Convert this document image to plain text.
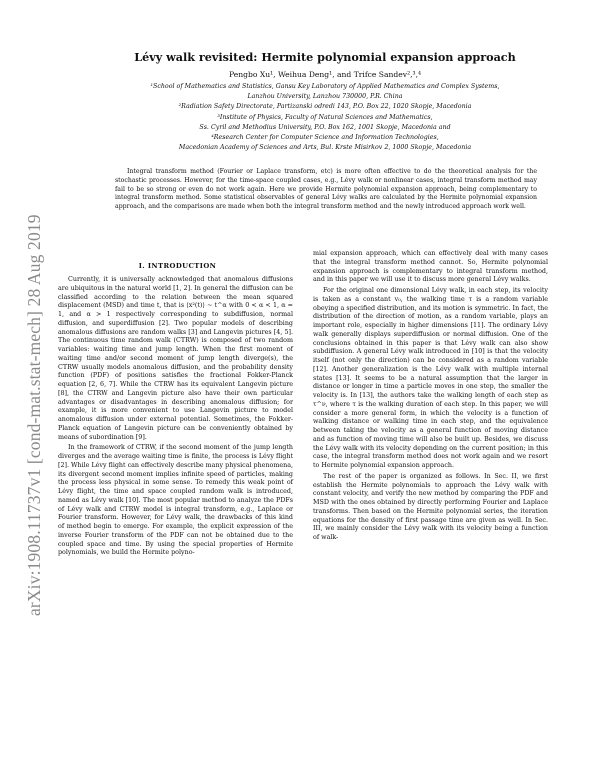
arXiv:1908.11737v1 [cond-mat.stat-mech] 28 Aug 2019
Lévy walk revisited: Hermite polynomial expansion approach
Pengbo Xu¹, Weihua Deng¹, and Trifce Sandev²,³,⁴
¹School of Mathematics and Statistics, Gansu Key Laboratory of Applied Mathematics and Complex Systems,
Lanzhou University, Lanzhou 730000, P.R. China
²Radiation Safety Directorate, Partizanski odredi 143, P.O. Box 22, 1020 Skopje, Macedonia
³Institute of Physics, Faculty of Natural Sciences and Mathematics,
Ss. Cyril and Methodius University, P.O. Box 162, 1001 Skopje, Macedonia and
⁴Research Center for Computer Science and Information Technologies,
Macedonian Academy of Sciences and Arts, Bul. Krste Misirkov 2, 1000 Skopje, Macedonia

Integral transform method (Fourier or Laplace transform, etc) is more often effective to do the theoretical analysis for the stochastic processes. However, for the time-space coupled cases, e.g., Lévy walk or nonlinear cases, integral transform method may fail to be so strong or even do not work again. Here we provide Hermite polynomial expansion approach, being complementary to integral transform method. Some statistical observables of general Lévy walks are calculated by the Hermite polynomial expansion approach, and the comparisons are made when both the integral transform method and the newly introduced approach work well.

I. INTRODUCTION

Currently, it is universally acknowledged that anomalous diffusions are ubiquitous in the natural world [1, 2]. In general the diffusion can be classified according to the relation between the mean squared displacement (MSD) and time t, that is ⟨x²(t)⟩ ∼ t^α with 0 < α < 1, α = 1, and α > 1 respectively corresponding to subdiffusion, normal diffusion, and superdiffusion [2]. Two popular models of describing anomalous diffusions are random walks [3] and Langevin pictures [4, 5]. The continuous time random walk (CTRW) is composed of two random variables: waiting time and jump length. When the first moment of waiting time and/or second moment of jump length diverge(s), the CTRW usually models anomalous diffusion, and the probability density function (PDF) of positions satisfies the fractional Fokker-Planck equation [2, 6, 7]. While the CTRW has its equivalent Langevin picture [8], the CTRW and Langevin picture also have their own particular advantages or disadvantages in describing anomalous diffusion; for example, it is more convenient to use Langevin picture to model anomalous diffusion under external potential. Sometimes, the Fokker-Planck equation of Langevin picture can be conveniently obtained by means of subordination [9].

In the framework of CTRW, if the second moment of the jump length diverges and the average waiting time is finite, the process is Lévy flight [2]. While Lévy flight can effectively describe many physical phenomena, its divergent second moment implies infinite speed of particles, making the process less physical in some sense. To remedy this weak point of Lévy flight, the time and space coupled random walk is introduced, named as Lévy walk [10]. The most popular method to analyze the PDFs of Lévy walk and CTRW model is integral transform, e.g., Laplace or Fourier transform. However, for Lévy walk, the drawbacks of this kind of method begin to emerge. For example, the explicit expression of the inverse Fourier transform of the PDF can not be obtained due to the coupled space and time. By using the special properties of Hermite polynomials, we build the Hermite polyno-

mial expansion approach, which can effectively deal with many cases that the integral transform method cannot. So, Hermite polynomial expansion approach is complementary to integral transform method, and in this paper we will use it to discuss more general Lévy walks.

For the original one dimensional Lévy walk, in each step, its velocity is taken as a constant v₀, the walking time τ is a random variable obeying a specified distribution, and its motion is symmetric. In fact, the distribution of the direction of motion, as a random variable, plays an important role, especially in higher dimensions [11]. The ordinary Lévy walk generally displays superdiffusion or normal diffusion. One of the conclusions obtained in this paper is that Lévy walk can also show subdiffusion. A general Lévy walk introduced in [10] is that the velocity itself (not only the direction) can be considered as a random variable [12]. Another generalization is the Lévy walk with multiple internal states [13]. It seems to be a natural assumption that the larger in distance or longer in time a particle moves in one step, the smaller the velocity is. In [13], the authors take the walking length of each step as τ^ν, where τ is the walking duration of each step. In this paper, we will consider a more general form, in which the velocity is a function of walking distance or walking time in each step, and the equivalence between taking the velocity as a general function of moving distance and as function of moving time will also be built up. Besides, we discuss the Lévy walk with its velocity depending on the current position; in this case, the integral transform method does not work again and we resort to Hermite polynomial expansion approach.

The rest of the paper is organized as follows. In Sec. II, we first establish the Hermite polynomials to approach the Lévy walk with constant velocity, and verify the new method by comparing the PDF and MSD with the ones obtained by directly performing Fourier and Laplace transforms. Then based on the Hermite polynomial series, the iteration equations for the density of first passage time are given as well. In Sec. III, we mainly consider the Lévy walk with its velocity being a function of walk-
